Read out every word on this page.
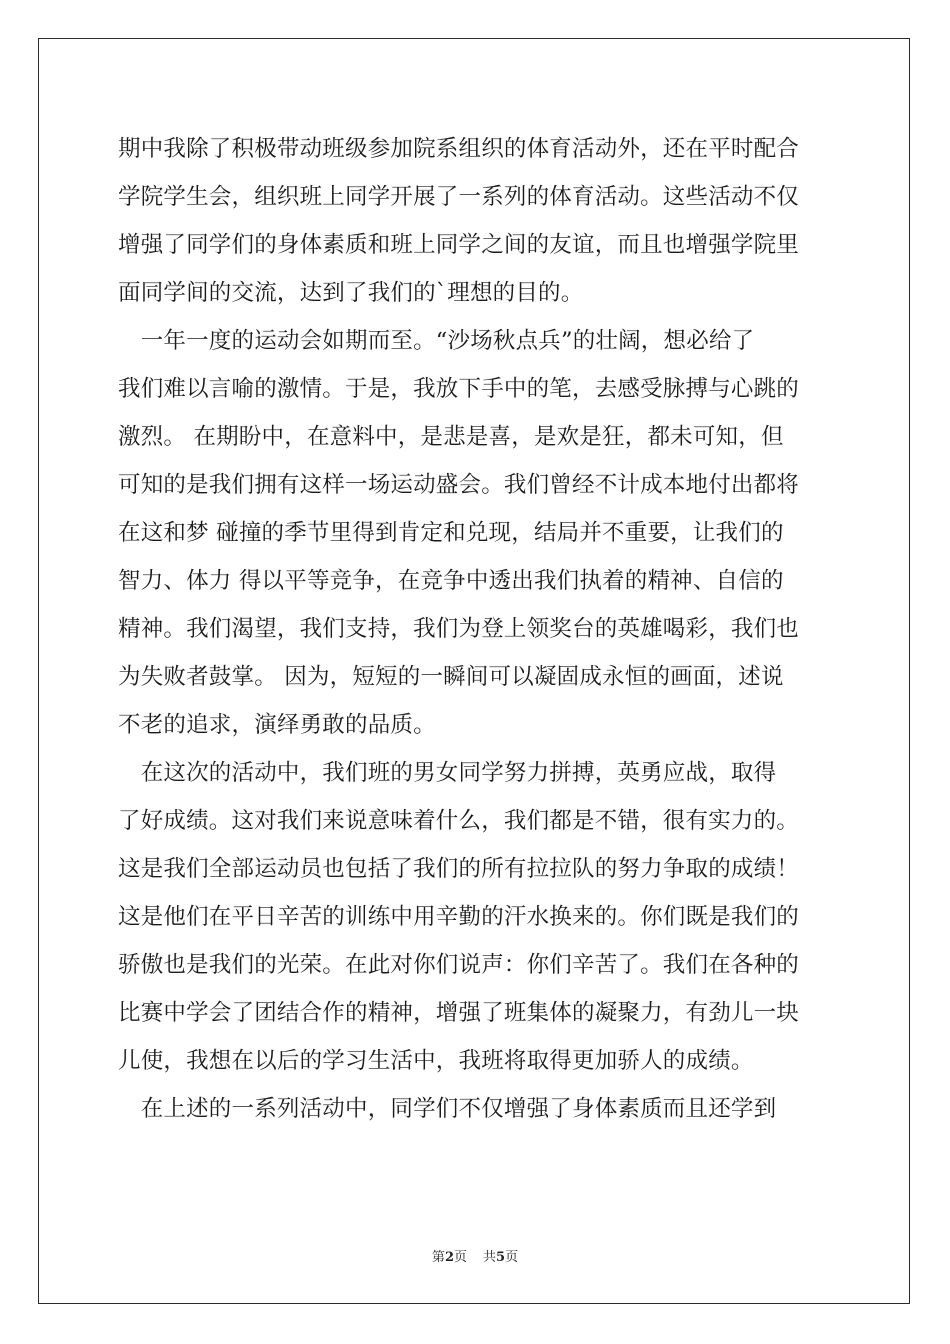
期中我除了积极带动班级参加院系组织的体育活动外，还在平时配合
学院学生会，组织班上同学开展了一系列的体育活动。这些活动不仅
增强了同学们的身体素质和班上同学之间的友谊，而且也增强学院里
面同学间的交流，达到了我们的`理想的目的。
　一年一度的运动会如期而至。“沙场秋点兵”的壮阔，想必给了
我们难以言喻的激情。于是，我放下手中的笔，去感受脉搏与心跳的
激烈。 在期盼中，在意料中，是悲是喜，是欢是狂，都未可知，但
可知的是我们拥有这样一场运动盛会。我们曾经不计成本地付出都将
在这和梦 碰撞的季节里得到肯定和兑现，结局并不重要，让我们的
智力、体力 得以平等竞争，在竞争中透出我们执着的精神、自信的
精神。我们渴望，我们支持，我们为登上领奖台的英雄喝彩，我们也
为失败者鼓掌。 因为，短短的一瞬间可以凝固成永恒的画面，述说
不老的追求，演绎勇敢的品质。
　在这次的活动中，我们班的男女同学努力拼搏，英勇应战，取得
了好成绩。这对我们来说意味着什么，我们都是不错，很有实力的。
这是我们全部运动员也包括了我们的所有拉拉队的努力争取的成绩！
这是他们在平日辛苦的训练中用辛勤的汗水换来的。你们既是我们的
骄傲也是我们的光荣。在此对你们说声：你们辛苦了。我们在各种的
比赛中学会了团结合作的精神，增强了班集体的凝聚力，有劲儿一块
儿使，我想在以后的学习生活中，我班将取得更加骄人的成绩。
　在上述的一系列活动中，同学们不仅增强了身体素质而且还学到
第2页 共5页
